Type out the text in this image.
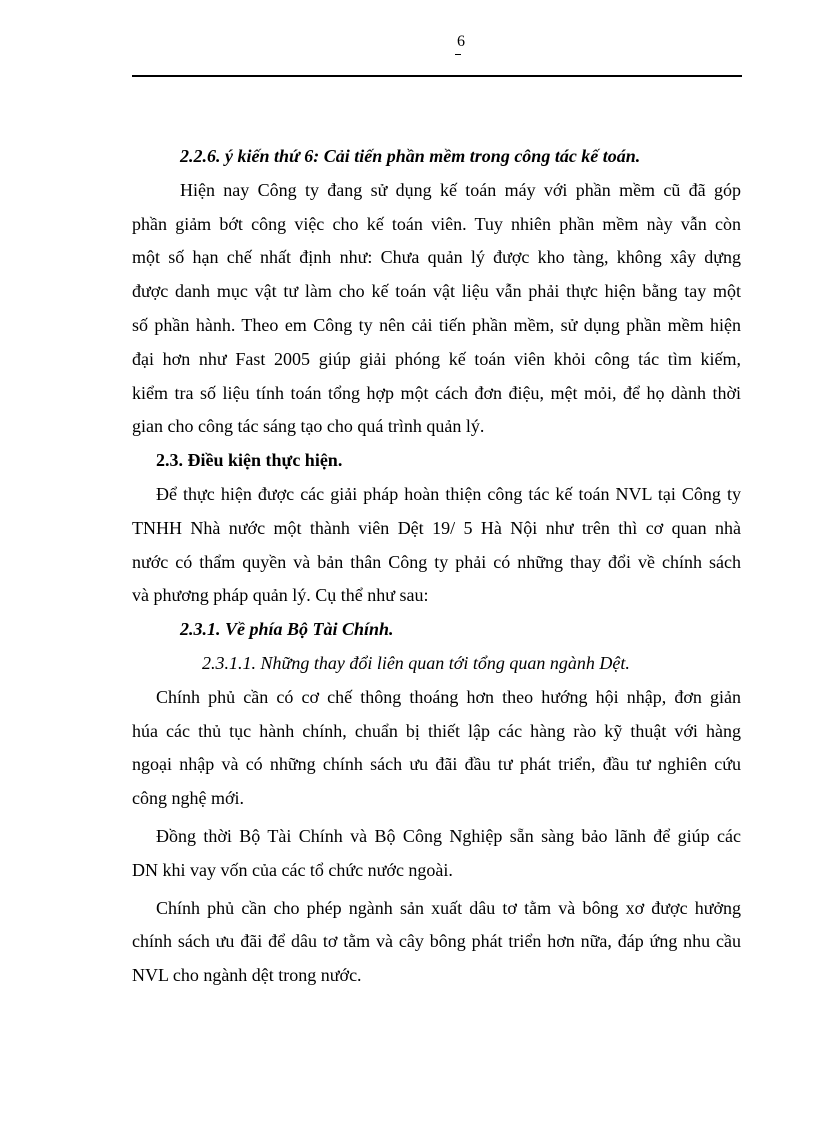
6
2.2.6. ý kiến thứ 6: Cải tiến phần mềm trong công tác kế toán.
Hiện nay Công ty đang sử dụng kế toán máy với phần mềm cũ đã góp
phần giảm bớt công việc cho kế toán viên. Tuy nhiên phần mềm này vẫn còn
một số hạn chế nhất định như: Chưa quản lý được kho tàng, không xây dựng
được danh mục vật tư làm cho kế toán vật liệu vẫn phải thực hiện bằng tay một
số phần hành. Theo em Công ty nên cải tiến phần mềm, sử dụng phần mềm hiện
đại hơn như Fast 2005 giúp giải phóng kế toán viên khỏi công tác tìm kiếm,
kiểm tra số liệu tính toán tổng hợp một cách đơn điệu, mệt mỏi, để họ dành thời
gian cho công tác sáng tạo cho quá trình quản lý.
2.3. Điều kiện thực hiện.
Để thực hiện được các giải pháp hoàn thiện công tác kế toán NVL tại Công ty
TNHH Nhà nước một thành viên Dệt 19/ 5 Hà Nội như trên thì cơ quan nhà
nước có thẩm quyền và bản thân Công ty phải có những thay đổi về chính sách
và phương pháp quản lý. Cụ thể như sau:
2.3.1. Về phía Bộ Tài Chính.
2.3.1.1. Những thay đổi liên quan tới tổng quan ngành Dệt.
Chính phủ cần có cơ chế thông thoáng hơn theo hướng hội nhập, đơn giản
húa các thủ tục hành chính, chuẩn bị thiết lập các hàng rào kỹ thuật với hàng
ngoại nhập và có những chính sách ưu đãi đầu tư phát triển, đầu tư nghiên cứu
công nghệ mới.
Đồng thời Bộ Tài Chính và Bộ Công Nghiệp sẵn sàng bảo lãnh để giúp các
DN khi vay vốn của các tổ chức nước ngoài.
Chính phủ cần cho phép ngành sản xuất dâu tơ tằm và bông xơ được hưởng
chính sách ưu đãi để dâu tơ tằm và cây bông phát triển hơn nữa, đáp ứng nhu cầu
NVL cho ngành dệt trong nước.
